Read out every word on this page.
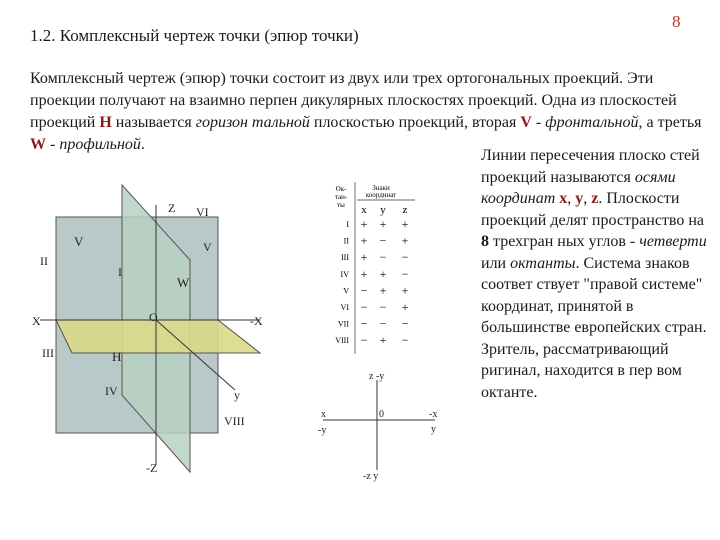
1.2. Комплексный чертеж точки (эпюр точки)
8
Комплексный чертеж (эпюр) точки состоит из двух или трех ортогональных проекций. Эти проекции получают на взаимно перпен дикулярных плоскостях проекций. Одна из плоскостей проекций H называется горизон тальной плоскостью проекций, вторая V - фронтальной, а третья W - профильной.
Линии пересечения плоско стей проекций называются осями координат x, y, z. Плоскости проекций делят пространство на 8 трехгран ных углов - четверти или октанты. Система знаков соответ ствует "правой системе" координат, принятой в большинстве европейских стран. Зритель, рассматривающий ригинал, находится в пер вом октанте.
Z VI
V	V
II
I
W
X	O	-X
III	H
IV	y
VIII
-Z
Ок-
тан-
ты
Знаки
координат
x y z
I + + +
II + − +
III + − −
IV + + −
V − + +
VI − − +
VII − − −
VIII − + −
z -y
x
-y
0	-x
y
-z y
